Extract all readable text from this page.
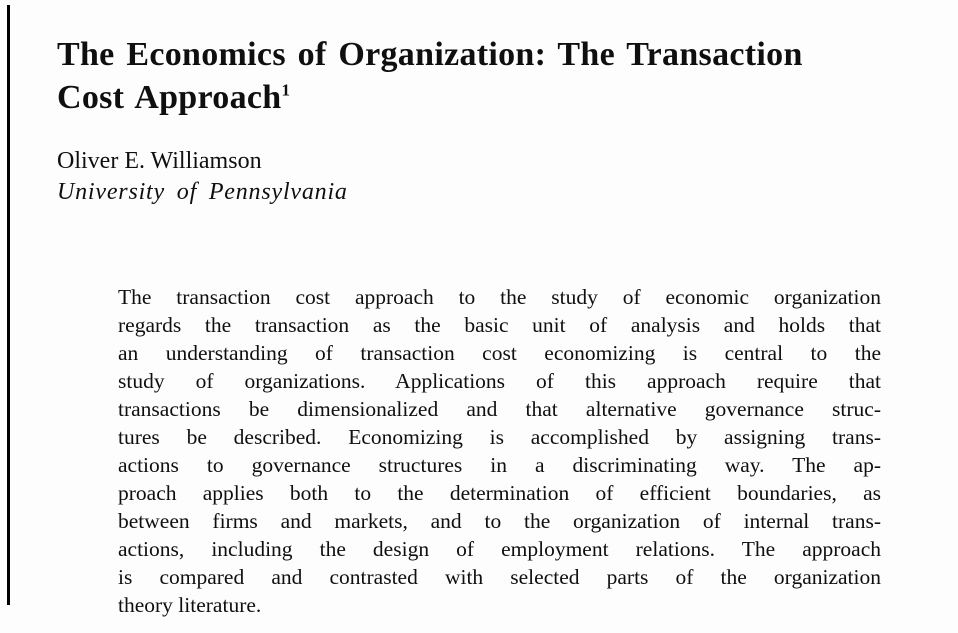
The Economics of Organization: The Transaction
Cost Approach$^1$
Oliver E. Williamson
University of Pennsylvania
The transaction cost approach to the study of economic organization
regards the transaction as the basic unit of analysis and holds that
an understanding of transaction cost economizing is central to the
study of organizations. Applications of this approach require that
transactions be dimensionalized and that alternative governance struc-
tures be described. Economizing is accomplished by assigning trans-
actions to governance structures in a discriminating way. The ap-
proach applies both to the determination of efficient boundaries, as
between firms and markets, and to the organization of internal trans-
actions, including the design of employment relations. The approach
is compared and contrasted with selected parts of the organization
theory literature.
